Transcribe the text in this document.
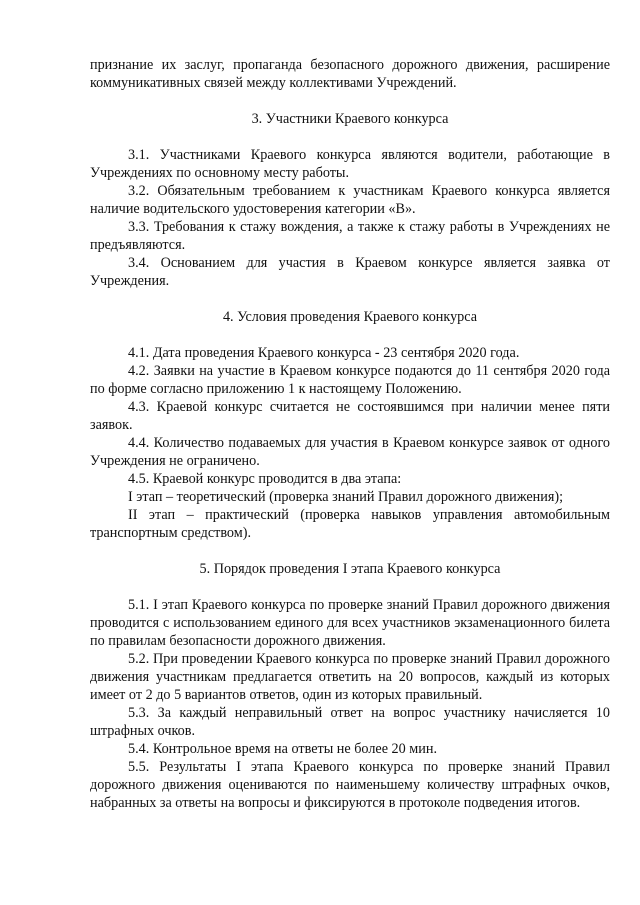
признание их заслуг, пропаганда безопасного дорожного движения, расширение коммуникативных связей между коллективами Учреждений.

3. Участники Краевого конкурса

3.1. Участниками Краевого конкурса являются водители, работающие в Учреждениях по основному месту работы.

3.2. Обязательным требованием к участникам Краевого конкурса является наличие водительского удостоверения категории «В».

3.3. Требования к стажу вождения, а также к стажу работы в Учреждениях не предъявляются.

3.4. Основанием для участия в Краевом конкурсе является заявка от Учреждения.

4. Условия проведения Краевого конкурса

4.1. Дата проведения Краевого конкурса - 23 сентября 2020 года.

4.2. Заявки на участие в Краевом конкурсе подаются до 11 сентября 2020 года по форме согласно приложению 1 к настоящему Положению.

4.3. Краевой конкурс считается не состоявшимся при наличии менее пяти заявок.

4.4. Количество подаваемых для участия в Краевом конкурсе заявок от одного Учреждения не ограничено.

4.5. Краевой конкурс проводится в два этапа:

I этап – теоретический (проверка знаний Правил дорожного движения);

II этап – практический (проверка навыков управления автомобильным транспортным средством).

5. Порядок проведения I этапа Краевого конкурса

5.1. I этап Краевого конкурса по проверке знаний Правил дорожного движения проводится с использованием единого для всех участников экзаменационного билета по правилам безопасности дорожного движения.

5.2. При проведении Краевого конкурса по проверке знаний Правил дорожного движения участникам предлагается ответить на 20 вопросов, каждый из которых имеет от 2 до 5 вариантов ответов, один из которых правильный.

5.3. За каждый неправильный ответ на вопрос участнику начисляется 10 штрафных очков.

5.4. Контрольное время на ответы не более 20 мин.

5.5. Результаты I этапа Краевого конкурса по проверке знаний Правил дорожного движения оцениваются по наименьшему количеству штрафных очков, набранных за ответы на вопросы и фиксируются в протоколе подведения итогов.
